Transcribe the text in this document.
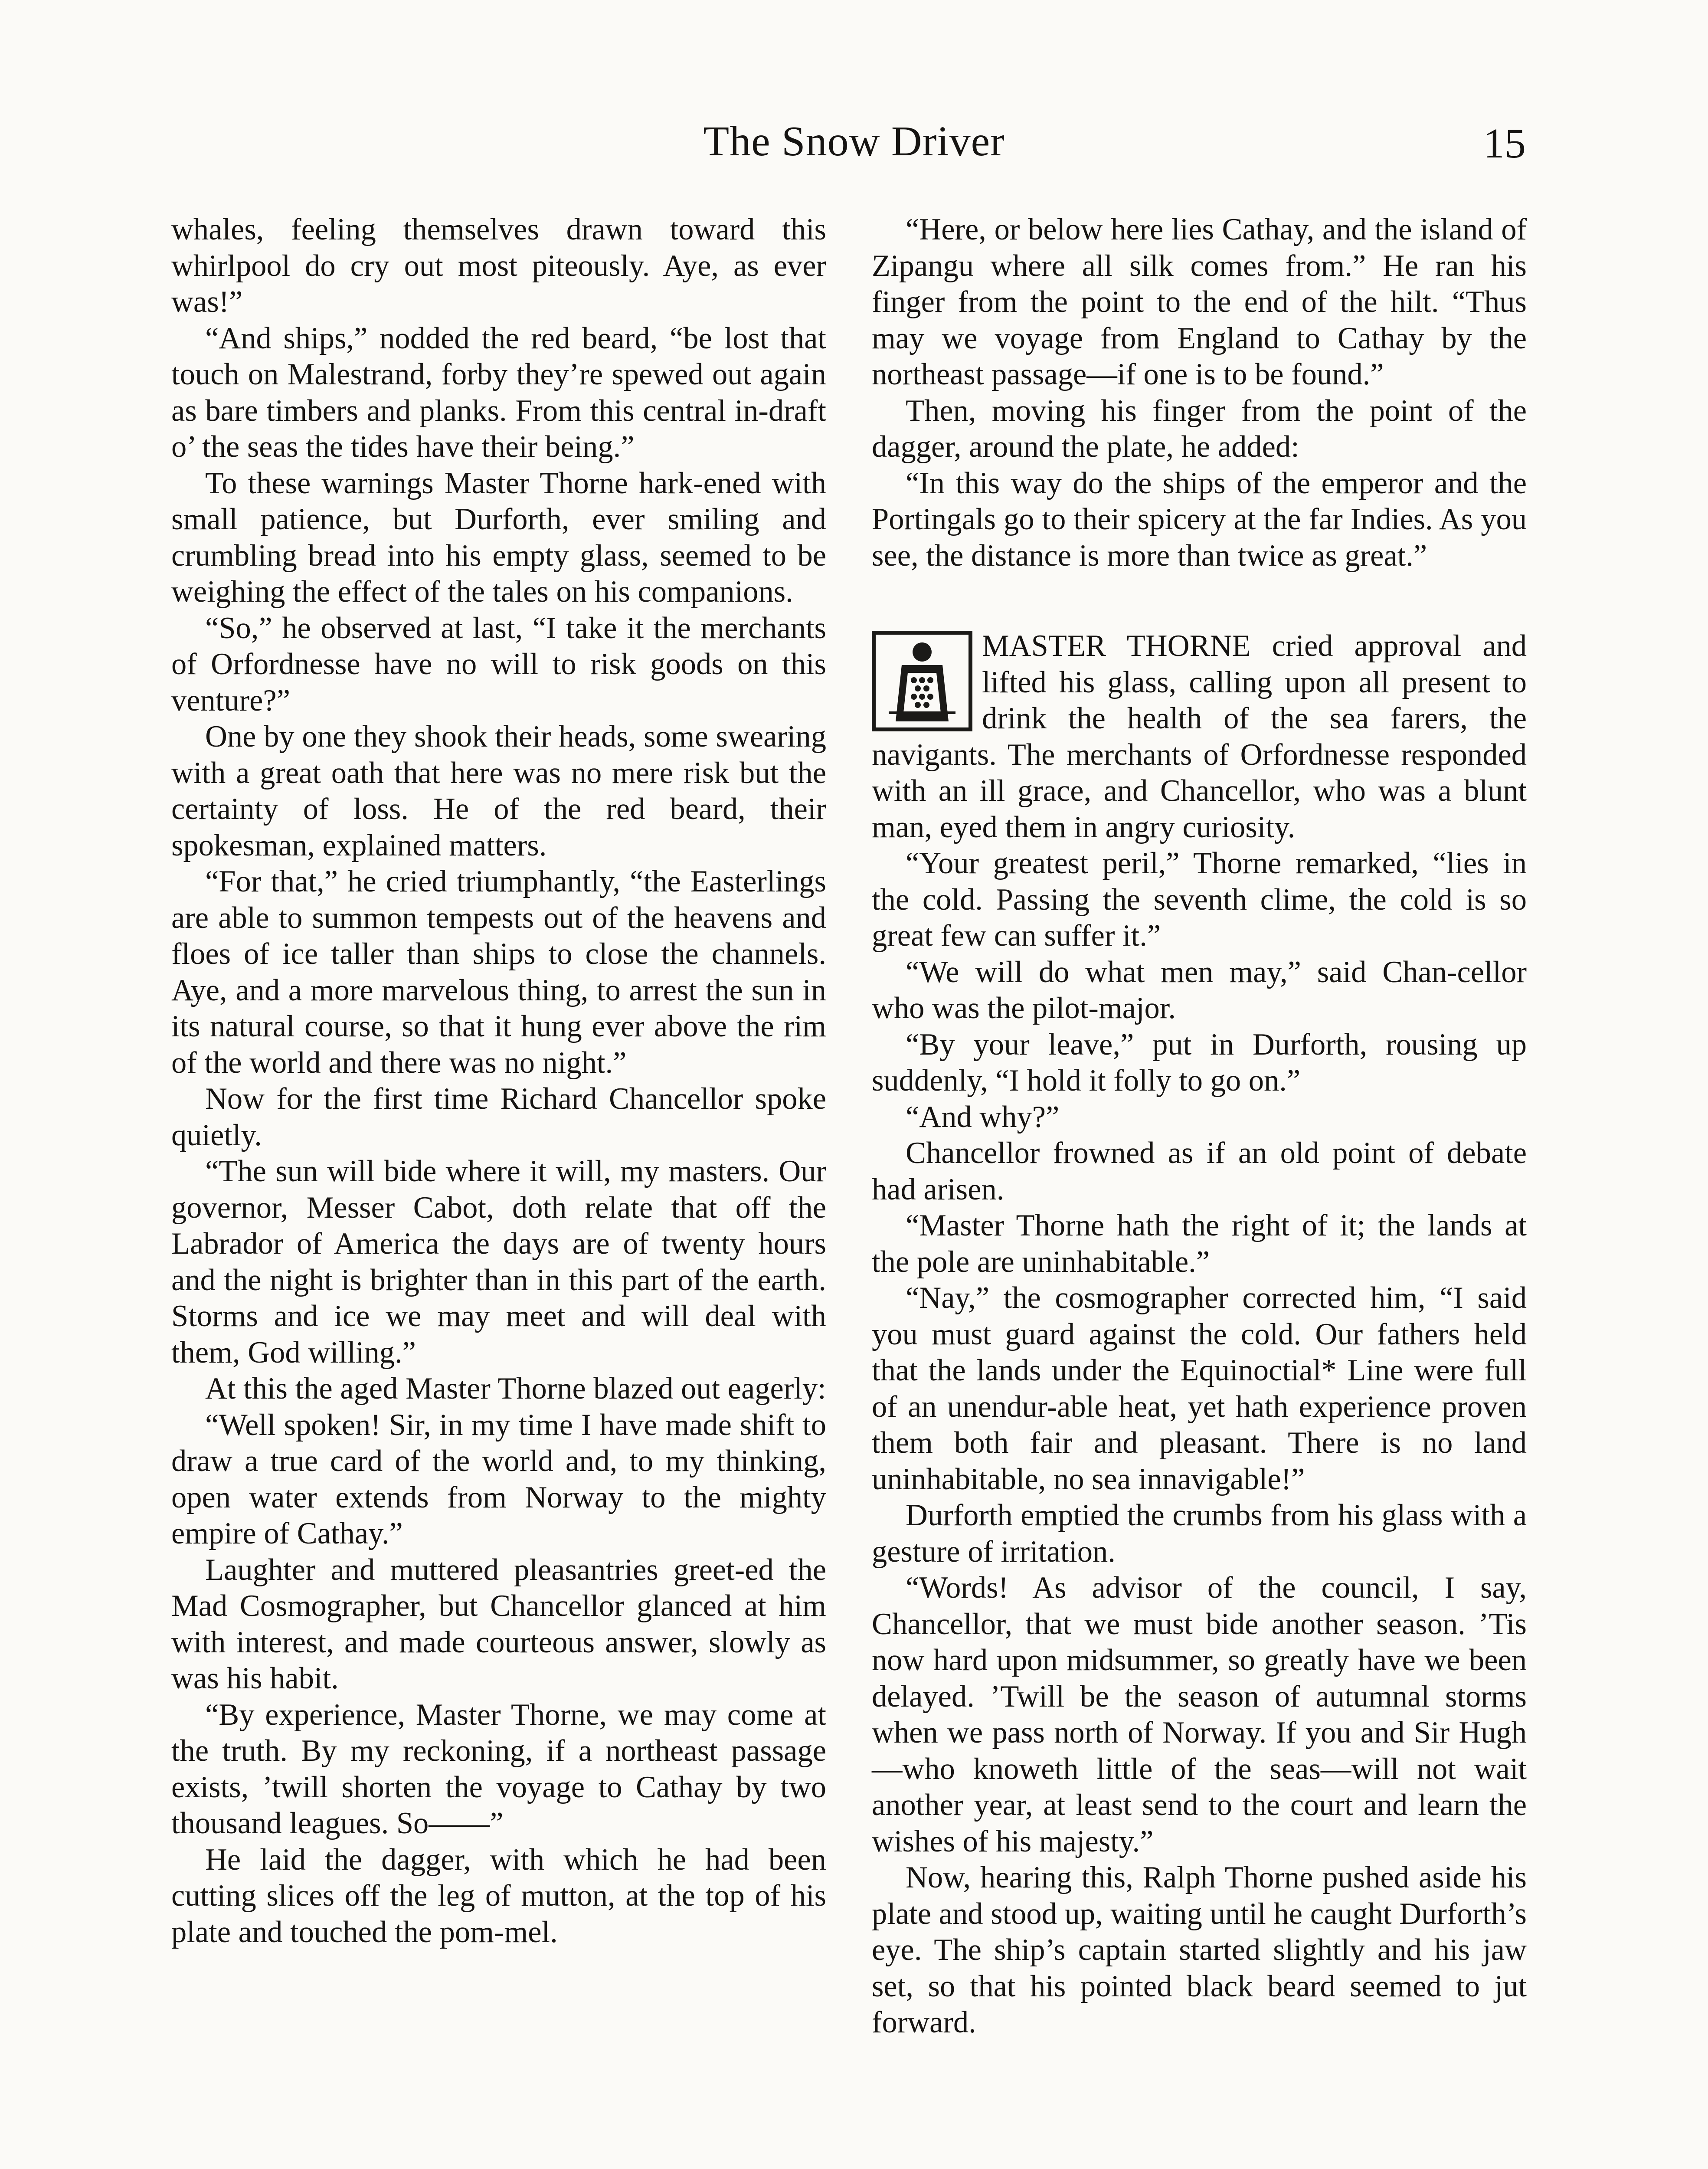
The Snow Driver	15

whales, feeling themselves drawn toward this whirlpool do cry out most piteously. Aye, as ever was!”

“And ships,” nodded the red beard, “be lost that touch on Malestrand, forby they’re spewed out again as bare timbers and planks. From this central in-draft o’ the seas the tides have their being.”

To these warnings Master Thorne hark-ened with small patience, but Durforth, ever smiling and crumbling bread into his empty glass, seemed to be weighing the effect of the tales on his companions.

“So,” he observed at last, “I take it the merchants of Orfordnesse have no will to risk goods on this venture?”

One by one they shook their heads, some swearing with a great oath that here was no mere risk but the certainty of loss. He of the red beard, their spokesman, explained matters.

“For that,” he cried triumphantly, “the Easterlings are able to summon tempests out of the heavens and floes of ice taller than ships to close the channels. Aye, and a more marvelous thing, to arrest the sun in its natural course, so that it hung ever above the rim of the world and there was no night.”

Now for the first time Richard Chancellor spoke quietly.

“The sun will bide where it will, my masters. Our governor, Messer Cabot, doth relate that off the Labrador of America the days are of twenty hours and the night is brighter than in this part of the earth. Storms and ice we may meet and will deal with them, God willing.”

At this the aged Master Thorne blazed out eagerly:

“Well spoken! Sir, in my time I have made shift to draw a true card of the world and, to my thinking, open water extends from Norway to the mighty empire of Cathay.”

Laughter and muttered pleasantries greet-ed the Mad Cosmographer, but Chancellor glanced at him with interest, and made courteous answer, slowly as was his habit.

“By experience, Master Thorne, we may come at the truth. By my reckoning, if a northeast passage exists, ’twill shorten the voyage to Cathay by two thousand leagues. So——”

He laid the dagger, with which he had been cutting slices off the leg of mutton, at the top of his plate and touched the pom-mel.

“Here, or below here lies Cathay, and the island of Zipangu where all silk comes from.” He ran his finger from the point to the end of the hilt. “Thus may we voyage from England to Cathay by the northeast passage—if one is to be found.”

Then, moving his finger from the point of the dagger, around the plate, he added:

“In this way do the ships of the emperor and the Portingals go to their spicery at the far Indies. As you see, the distance is more than twice as great.”

MASTER THORNE cried approval and lifted his glass, calling upon all present to drink the health of the sea farers, the navigants. The merchants of Orfordnesse responded with an ill grace, and Chancellor, who was a blunt man, eyed them in angry curiosity.

“Your greatest peril,” Thorne remarked, “lies in the cold. Passing the seventh clime, the cold is so great few can suffer it.”

“We will do what men may,” said Chan-cellor who was the pilot-major.

“By your leave,” put in Durforth, rousing up suddenly, “I hold it folly to go on.”

“And why?”

Chancellor frowned as if an old point of debate had arisen.

“Master Thorne hath the right of it; the lands at the pole are uninhabitable.”

“Nay,” the cosmographer corrected him, “I said you must guard against the cold. Our fathers held that the lands under the Equinoctial* Line were full of an unendur-able heat, yet hath experience proven them both fair and pleasant. There is no land uninhabitable, no sea innavigable!”

Durforth emptied the crumbs from his glass with a gesture of irritation.

“Words! As advisor of the council, I say, Chancellor, that we must bide another season. ’Tis now hard upon midsummer, so greatly have we been delayed. ’Twill be the season of autumnal storms when we pass north of Norway. If you and Sir Hugh—who knoweth little of the seas—will not wait another year, at least send to the court and learn the wishes of his majesty.”

Now, hearing this, Ralph Thorne pushed aside his plate and stood up, waiting until he caught Durforth’s eye. The ship’s captain started slightly and his jaw set, so that his pointed black beard seemed to jut forward.
